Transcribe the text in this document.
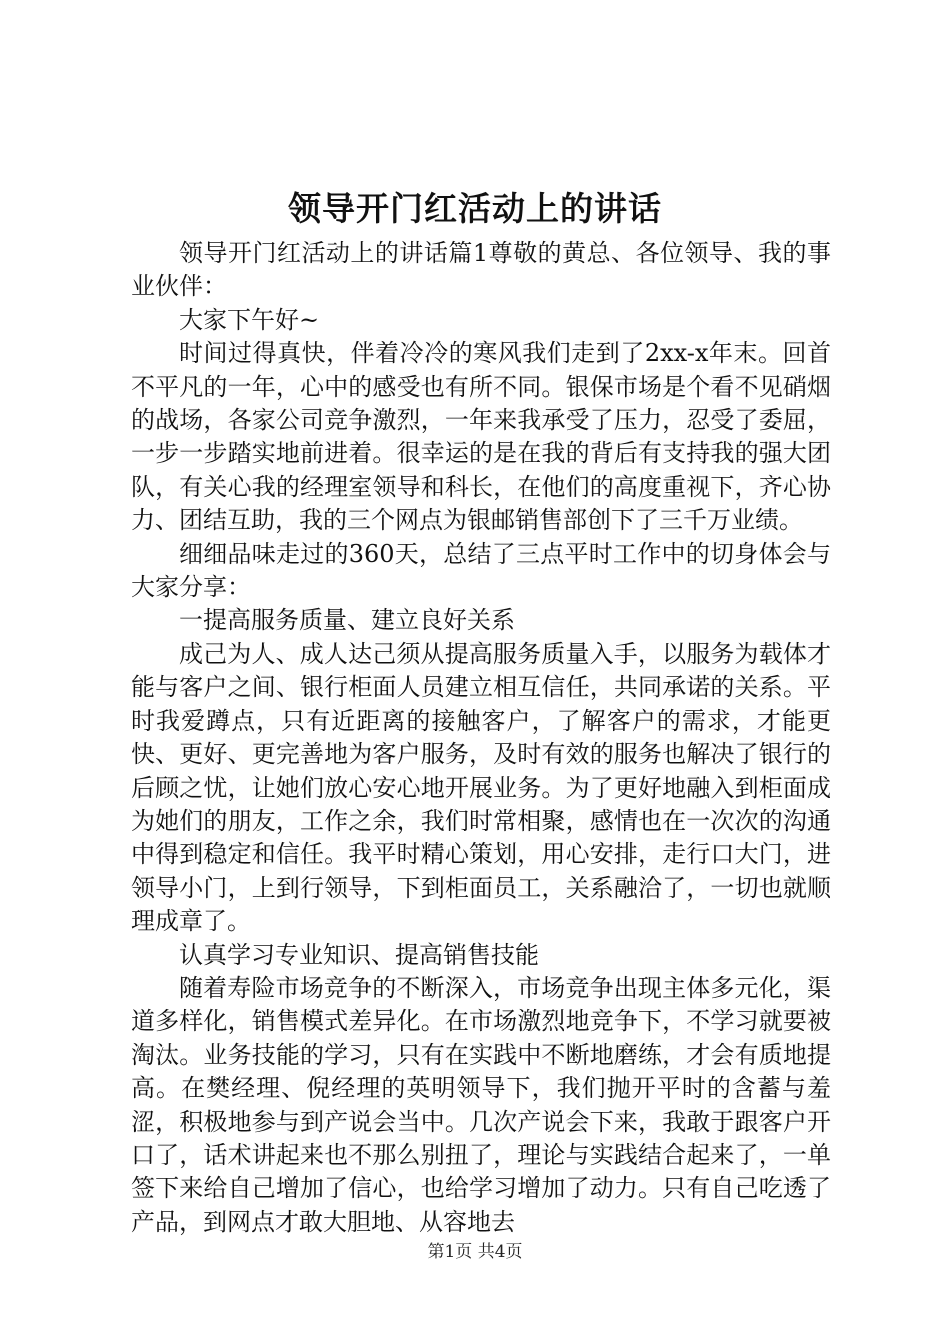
领导开门红活动上的讲话

领导开门红活动上的讲话篇1尊敬的黄总、各位领导、我的事业伙伴：

大家下午好~

时间过得真快，伴着冷冷的寒风我们走到了2xx-x年末。回首不平凡的一年，心中的感受也有所不同。银保市场是个看不见硝烟的战场，各家公司竞争激烈，一年来我承受了压力，忍受了委屈，一步一步踏实地前进着。很幸运的是在我的背后有支持我的强大团队，有关心我的经理室领导和科长，在他们的高度重视下，齐心协力、团结互助，我的三个网点为银邮销售部创下了三千万业绩。

细细品味走过的360天，总结了三点平时工作中的切身体会与大家分享：

一提高服务质量、建立良好关系

成己为人、成人达己须从提高服务质量入手，以服务为载体才能与客户之间、银行柜面人员建立相互信任，共同承诺的关系。平时我爱蹲点，只有近距离的接触客户，了解客户的需求，才能更快、更好、更完善地为客户服务，及时有效的服务也解决了银行的后顾之忧，让她们放心安心地开展业务。为了更好地融入到柜面成为她们的朋友，工作之余，我们时常相聚，感情也在一次次的沟通中得到稳定和信任。我平时精心策划，用心安排，走行口大门，进领导小门，上到行领导，下到柜面员工，关系融洽了，一切也就顺理成章了。

认真学习专业知识、提高销售技能

随着寿险市场竞争的不断深入，市场竞争出现主体多元化，渠道多样化，销售模式差异化。在市场激烈地竞争下，不学习就要被淘汰。业务技能的学习，只有在实践中不断地磨练，才会有质地提高。在樊经理、倪经理的英明领导下，我们抛开平时的含蓄与羞涩，积极地参与到产说会当中。几次产说会下来，我敢于跟客户开口了，话术讲起来也不那么别扭了，理论与实践结合起来了，一单签下来给自己增加了信心，也给学习增加了动力。只有自己吃透了产品，到网点才敢大胆地、从容地去

第1页 共4页
